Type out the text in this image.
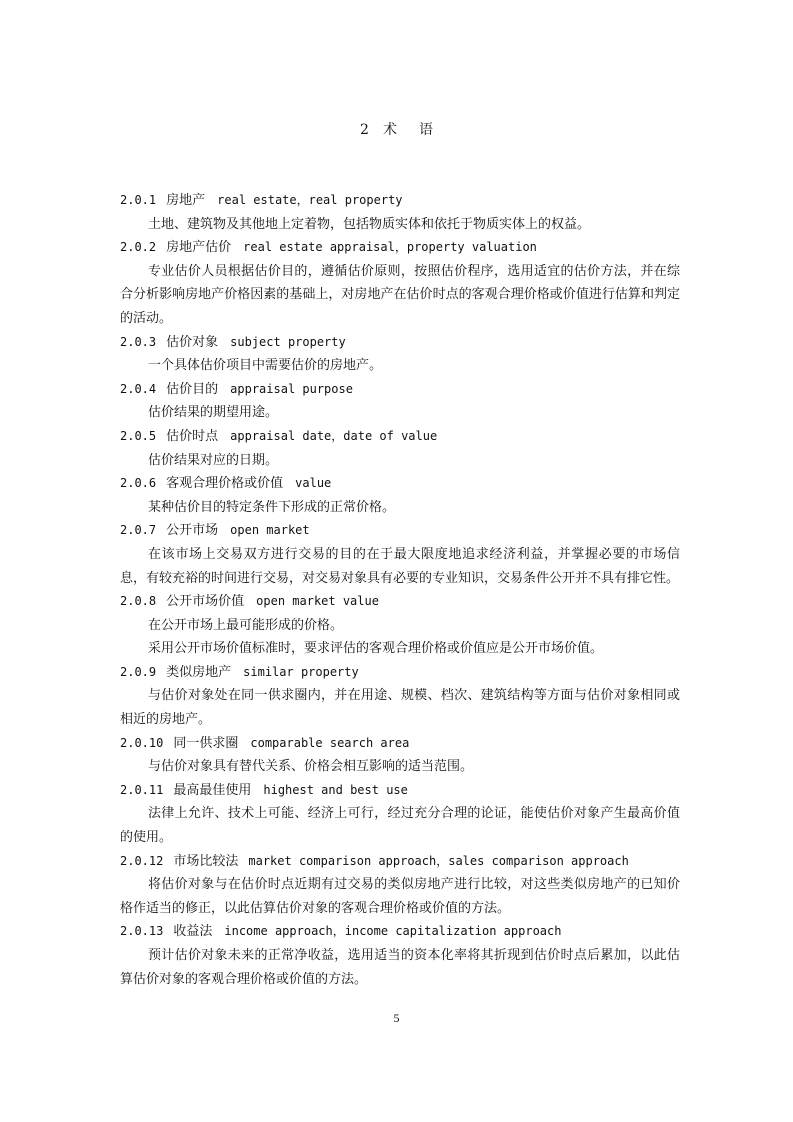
2 术 语

2.0.1 房地产 real estate，real property

土地、建筑物及其他地上定着物，包括物质实体和依托于物质实体上的权益。

2.0.2 房地产估价 real estate appraisal，property valuation

专业估价人员根据估价目的，遵循估价原则，按照估价程序，选用适宜的估价方法，并在综合分析影响房地产价格因素的基础上，对房地产在估价时点的客观合理价格或价值进行估算和判定的活动。

2.0.3 估价对象 subject property

一个具体估价项目中需要估价的房地产。

2.0.4 估价目的 appraisal purpose

估价结果的期望用途。

2.0.5 估价时点 appraisal date，date of value

估价结果对应的日期。

2.0.6 客观合理价格或价值 value

某种估价目的特定条件下形成的正常价格。

2.0.7 公开市场 open market

在该市场上交易双方进行交易的目的在于最大限度地追求经济利益，并掌握必要的市场信息，有较充裕的时间进行交易，对交易对象具有必要的专业知识，交易条件公开并不具有排它性。

2.0.8 公开市场价值 open market value

在公开市场上最可能形成的价格。

采用公开市场价值标准时，要求评估的客观合理价格或价值应是公开市场价值。

2.0.9 类似房地产 similar property

与估价对象处在同一供求圈内，并在用途、规模、档次、建筑结构等方面与估价对象相同或相近的房地产。

2.0.10 同一供求圈 comparable search area

与估价对象具有替代关系、价格会相互影响的适当范围。

2.0.11 最高最佳使用 highest and best use

法律上允许、技术上可能、经济上可行，经过充分合理的论证，能使估价对象产生最高价值的使用。

2.0.12 市场比较法 market comparison approach，sales comparison approach

将估价对象与在估价时点近期有过交易的类似房地产进行比较，对这些类似房地产的已知价格作适当的修正，以此估算估价对象的客观合理价格或价值的方法。

2.0.13 收益法 income approach，income capitalization approach

预计估价对象未来的正常净收益，选用适当的资本化率将其折现到估价时点后累加，以此估算估价对象的客观合理价格或价值的方法。

5
